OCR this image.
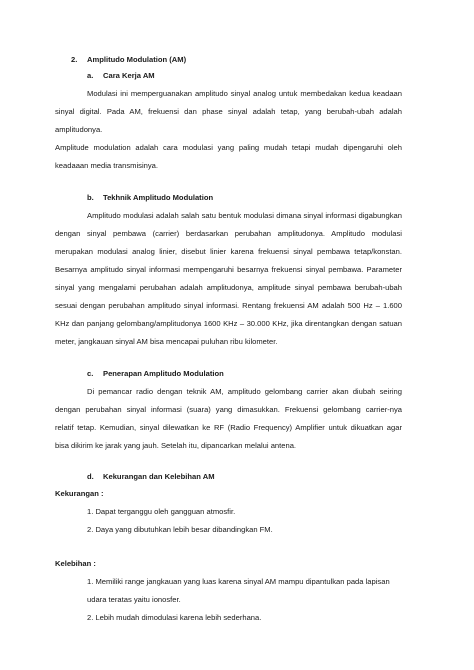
2. Amplitudo Modulation (AM)
a. Cara Kerja AM
Modulasi ini memperguanakan amplitudo sinyal analog untuk membedakan kedua keadaan
sinyal digital. Pada AM, frekuensi dan phase sinyal adalah tetap, yang berubah-ubah adalah
amplitudonya.
Amplitude modulation adalah cara modulasi yang paling mudah tetapi mudah dipengaruhi oleh
keadaaan media transmisinya.
b. Tekhnik Amplitudo Modulation
Amplitudo modulasi adalah salah satu bentuk modulasi dimana sinyal informasi digabungkan
dengan sinyal pembawa (carrier) berdasarkan perubahan amplitudonya. Amplitudo modulasi
merupakan modulasi analog linier, disebut linier karena frekuensi sinyal pembawa tetap/konstan.
Besarnya amplitudo sinyal informasi mempengaruhi besarnya frekuensi sinyal pembawa. Parameter
sinyal yang mengalami perubahan adalah amplitudonya, amplitude sinyal pembawa berubah-ubah
sesuai dengan perubahan amplitudo sinyal informasi. Rentang frekuensi AM adalah 500 Hz – 1.600
KHz dan panjang gelombang/amplitudonya 1600 KHz – 30.000 KHz, jika direntangkan dengan satuan
meter, jangkauan sinyal AM bisa mencapai puluhan ribu kilometer.
c. Penerapan Amplitudo Modulation
Di pemancar radio dengan teknik AM, amplitudo gelombang carrier akan diubah seiring
dengan perubahan sinyal informasi (suara) yang dimasukkan. Frekuensi gelombang carrier-nya
relatif tetap. Kemudian, sinyal dilewatkan ke RF (Radio Frequency) Amplifier untuk dikuatkan agar
bisa dikirim ke jarak yang jauh. Setelah itu, dipancarkan melalui antena.
d. Kekurangan dan Kelebihan AM
Kekurangan :
1. Dapat terganggu oleh gangguan atmosfir.
2. Daya yang dibutuhkan lebih besar dibandingkan FM.
Kelebihan :
1. Memiliki range jangkauan yang luas karena sinyal AM mampu dipantulkan pada lapisan
udara teratas yaitu ionosfer.
2. Lebih mudah dimodulasi karena lebih sederhana.
